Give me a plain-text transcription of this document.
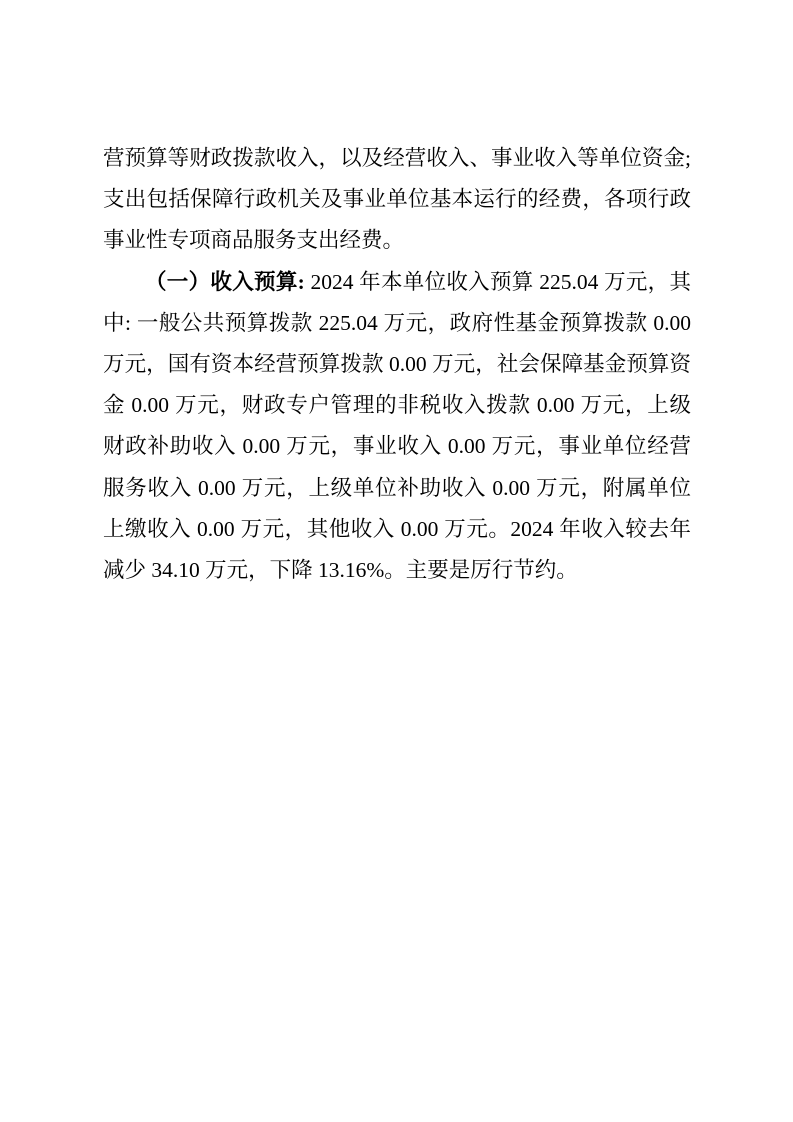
营预算等财政拨款收入，以及经营收入、事业收入等单位资金;
支出包括保障行政机关及事业单位基本运行的经费，各项行政
事业性专项商品服务支出经费。
（一）收入预算: 2024 年本单位收入预算 225.04 万元，其
中: 一般公共预算拨款 225.04 万元，政府性基金预算拨款 0.00
万元，国有资本经营预算拨款 0.00 万元，社会保障基金预算资
金 0.00 万元，财政专户管理的非税收入拨款 0.00 万元，上级
财政补助收入 0.00 万元，事业收入 0.00 万元，事业单位经营
服务收入 0.00 万元，上级单位补助收入 0.00 万元，附属单位
上缴收入 0.00 万元，其他收入 0.00 万元。2024 年收入较去年
减少 34.10 万元，下降 13.16%。主要是厉行节约。
